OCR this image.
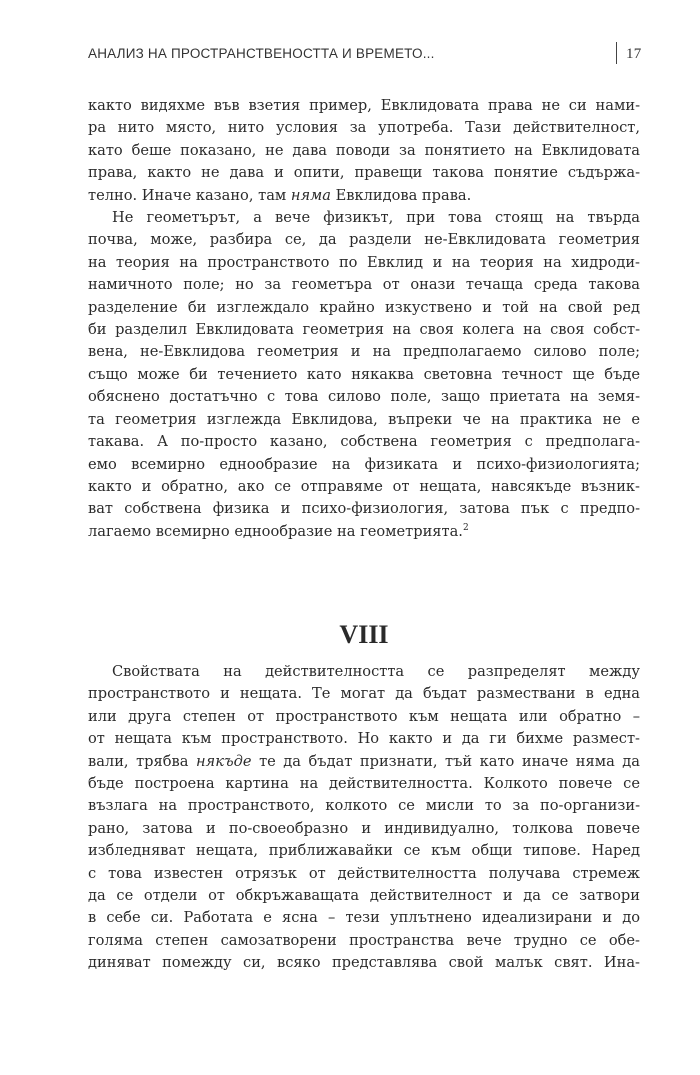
АНАЛИЗ НА ПРОСТРАНСТВЕНОСТТА И ВРЕМЕТО...	17

както видяхме във взетия пример, Евклидовата права не си нами-

ра нито място, нито условия за употреба. Тази действителност,

като беше показано, не дава поводи за понятието на Евклидовата

права, както не дава и опити, правещи такова понятие съдържа-

телно. Иначе казано, там няма Евклидова права.

Не геометърът, а вече физикът, при това стоящ на твърда

почва, може, разбира се, да раздели не-Евклидовата геометрия

на теория на пространството по Евклид и на теория на хидроди-

намичното поле; но за геометъра от онази течаща среда такова

разделение би изглеждало крайно изкуствено и той на свой ред

би разделил Евклидовата геометрия на своя колега на своя собст-

вена, не-Евклидова геометрия и на предполагаемо силово поле;

също може би течението като някаква световна течност ще бъде

обяснено достатъчно с това силово поле, защо приетата на земя-

та геометрия изглежда Евклидова, въпреки че на практика не е

такава. А по-просто казано, собствена геометрия с предполага-

емо всемирно еднообразие на физиката и психо-физиологията;

както и обратно, ако се отправяме от нещата, навсякъде възник-

ват собствена физика и психо-физиология, затова пък с предпо-

лагаемо всемирно еднообразие на геометрията.$^2$

VIII

Свойствата на действителността се разпределят между

пространството и нещата. Те могат да бъдат размествани в една

или друга степен от пространството към нещата или обратно –

от нещата към пространството. Но както и да ги бихме размест-

вали, трябва някъде те да бъдат признати, тъй като иначе няма да

бъде построена картина на действителността. Колкото повече се

възлага на пространството, колкото се мисли то за по-организи-

рано, затова и по-своеобразно и индивидуално, толкова повече

избледняват нещата, приближавайки се към общи типове. Наред

с това известен отрязък от действителността получава стремеж

да се отдели от обкръжаващата действителност и да се затвори

в себе си. Работата е ясна – тези уплътнено идеализирани и до

голяма степен самозатворени пространства вече трудно се обе-

диняват помежду си, всяко представлява свой малък свят. Ина-
